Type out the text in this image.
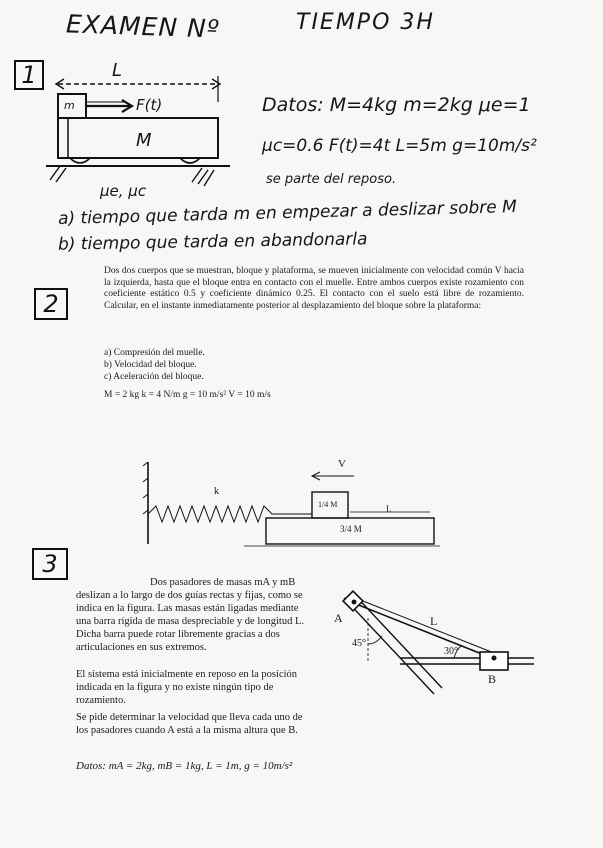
EXAMEN Nº	TIEMPO 3H
1	L
m	F(t)
M
μe, μc
Datos: M=4kg m=2kg μe=1
μc=0.6 F(t)=4t L=5m g=10m/s²
se parte del reposo.
a) tiempo que tarda m en empezar a deslizar sobre M
b) tiempo que tarda en abandonarla
2
Dos dos cuerpos que se muestran, bloque y plataforma, se mueven inicialmente con velocidad común V hacia la izquierda, hasta que el bloque entra en contacto con el muelle. Entre ambos cuerpos existe rozamiento con coeficiente estático 0.5 y coeficiente dinámico 0.25. El contacto con el suelo está libre de rozamiento. Calcular, en el instante inmediatamente posterior al desplazamiento del bloque sobre la plataforma:
a) Compresión del muelle.
b) Velocidad del bloque.
c) Aceleración del bloque.
M = 2 kg k = 4 N/m g = 10 m/s² V = 10 m/s
k
V
1/4 M	L
3/4 M
3
Dos pasadores de masas mA y mB deslizan a lo largo de dos guías rectas y fijas, como se indica en la figura. Las masas están ligadas mediante una barra rígida de masa despreciable y de longitud L. Dicha barra puede rotar libremente gracias a dos articulaciones en sus extremos.
El sistema está inicialmente en reposo en la posición indicada en la figura y no existe ningún tipo de rozamiento.
Se pide determinar la velocidad que lleva cada uno de los pasadores cuando A está a la misma altura que B.
Datos: mA = 2kg, mB = 1kg, L = 1m, g = 10m/s²
A	L
45°
30°
B
